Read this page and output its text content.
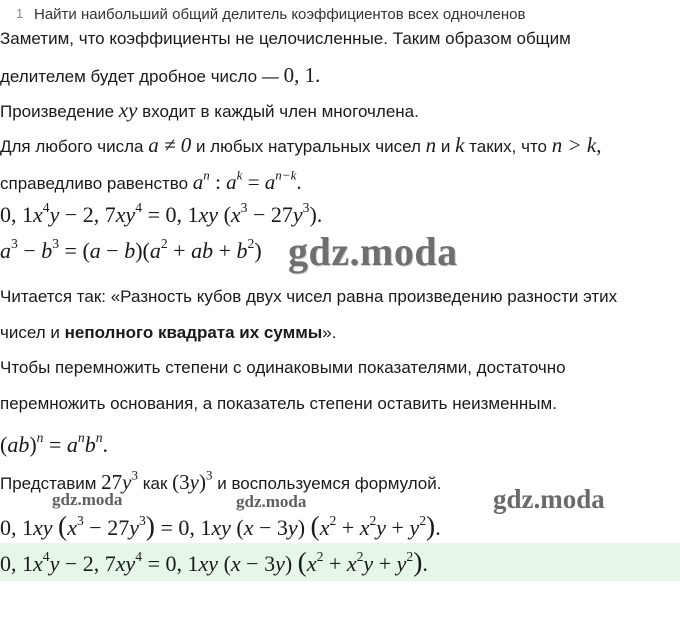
1 Найти наибольший общий делитель коэффициентов всех одночленов
Заметим, что коэффициенты не целочисленные. Таким образом общим
делителем будет дробное число — 0, 1.
Произведение xy входит в каждый член многочлена.
Для любого числа a ≠ 0 и любых натуральных чисел n и k таких, что n > k,
справедливо равенство $a^n$ : $a^k = a^{n-k}$.
0, $1x^4y - 2$, $7xy^4 = 0$, 1xy $(x^3 - 27y^3)$.
$a^3 - b^3 = (a - b)(a^2$ + ab + $b^2$) gdz.moda
Читается так: «Разность кубов двух чисел равна произведению разности этих
чисел и неполного квадрата их суммы».
Чтобы перемножить степени с одинаковыми показателями, достаточно
перемножить основания, а показатель степени оставить неизменным.
$(ab)^n = a^nb^n$.
Представим $27y^3$ как $(3y)^3$ и воспользуемся формулой.
gdz.moda	gdz.moda	gdz.moda
0, 1xy $(x^3 - 27y^3) = 0$, 1xy (x − 3y) $(x^2 + x^2y + y^2)$.
0, $1x^4y - 2$, $7xy^4 = 0$, 1xy (x − 3y) $(x^2 + x^2y + y^2)$.
